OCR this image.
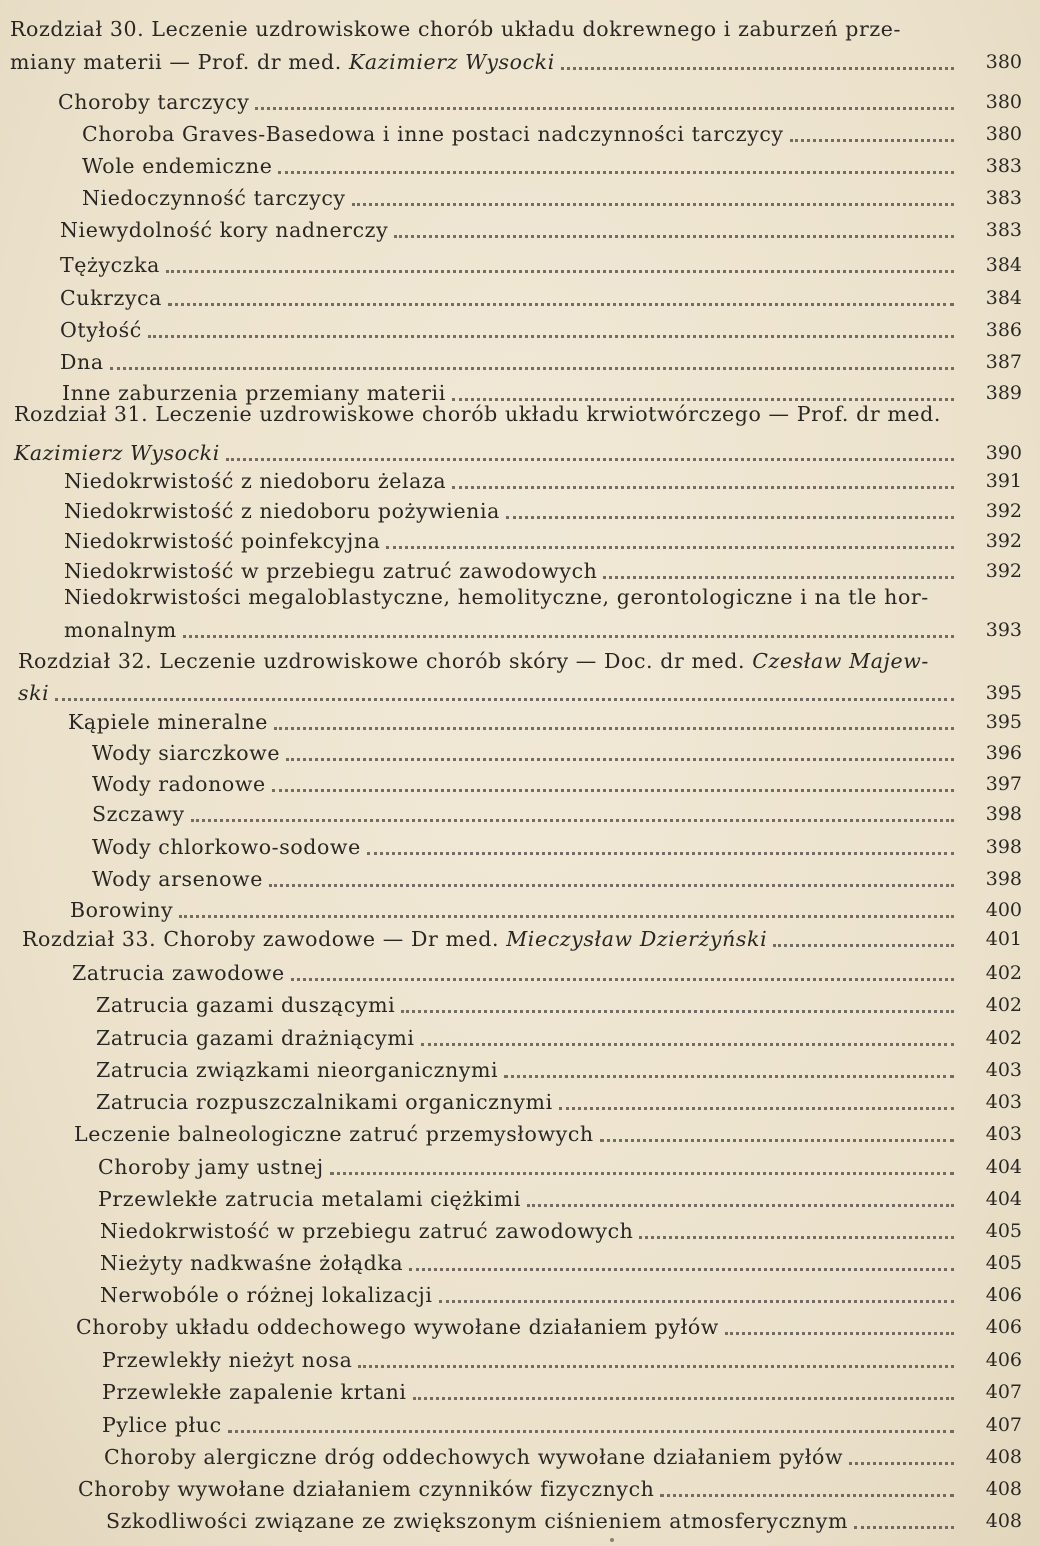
Rozdział 30. Leczenie uzdrowiskowe chorób układu dokrewnego i zaburzeń prze-
miany materii — Prof. dr med. Kazimierz Wysocki	380
Choroby tarczycy	380
Choroba Graves-Basedowa i inne postaci nadczynności tarczycy	380
Wole endemiczne	383
Niedoczynność tarczycy	383
Niewydolność kory nadnerczy	383
Tężyczka	384
Cukrzyca	384
Otyłość	386
Dna	387
Inne zaburzenia przemiany materii	389
Rozdział 31. Leczenie uzdrowiskowe chorób układu krwiotwórczego — Prof. dr med.
Kazimierz Wysocki	390
Niedokrwistość z niedoboru żelaza	391
Niedokrwistość z niedoboru pożywienia	392
Niedokrwistość poinfekcyjna	392
Niedokrwistość w przebiegu zatruć zawodowych	392
Niedokrwistości megaloblastyczne, hemolityczne, gerontologiczne i na tle hor-
monalnym	393
Rozdział 32. Leczenie uzdrowiskowe chorób skóry — Doc. dr med. Czesław Majew-
ski	395
Kąpiele mineralne	395
Wody siarczkowe	396
Wody radonowe	397
Szczawy	398
Wody chlorkowo-sodowe	398
Wody arsenowe	398
Borowiny	400
Rozdział 33. Choroby zawodowe — Dr med. Mieczysław Dzierżyński	401
Zatrucia zawodowe	402
Zatrucia gazami duszącymi	402
Zatrucia gazami drażniącymi	402
Zatrucia związkami nieorganicznymi	403
Zatrucia rozpuszczalnikami organicznymi	403
Leczenie balneologiczne zatruć przemysłowych	403
Choroby jamy ustnej	404
Przewlekłe zatrucia metalami ciężkimi	404
Niedokrwistość w przebiegu zatruć zawodowych	405
Nieżyty nadkwaśne żołądka	405
Nerwobóle o różnej lokalizacji	406
Choroby układu oddechowego wywołane działaniem pyłów	406
Przewlekły nieżyt nosa	406
Przewlekłe zapalenie krtani	407
Pylice płuc	407
Choroby alergiczne dróg oddechowych wywołane działaniem pyłów	408
Choroby wywołane działaniem czynników fizycznych	408
Szkodliwości związane ze zwiększonym ciśnieniem atmosferycznym	408
